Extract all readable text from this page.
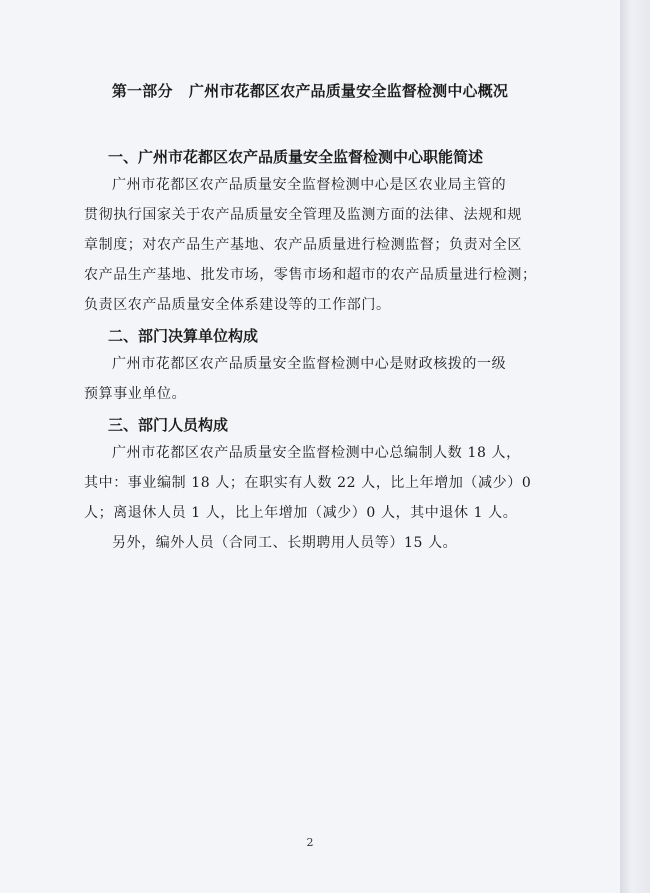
第一部分   广州市花都区农产品质量安全监督检测中心概况
一、广州市花都区农产品质量安全监督检测中心职能简述
广州市花都区农产品质量安全监督检测中心是区农业局主管的
贯彻执行国家关于农产品质量安全管理及监测方面的法律、法规和规
章制度；对农产品生产基地、农产品质量进行检测监督；负责对全区
农产品生产基地、批发市场，零售市场和超市的农产品质量进行检测；
负责区农产品质量安全体系建设等的工作部门。
二、部门决算单位构成
广州市花都区农产品质量安全监督检测中心是财政核拨的一级
预算事业单位。
三、部门人员构成
广州市花都区农产品质量安全监督检测中心总编制人数 18 人，
其中：事业编制 18 人；在职实有人数 22 人，比上年增加（减少）0
人；离退休人员 1 人，比上年增加（减少）0 人，其中退休 1 人。
另外，编外人员（合同工、长期聘用人员等）15 人。
2
